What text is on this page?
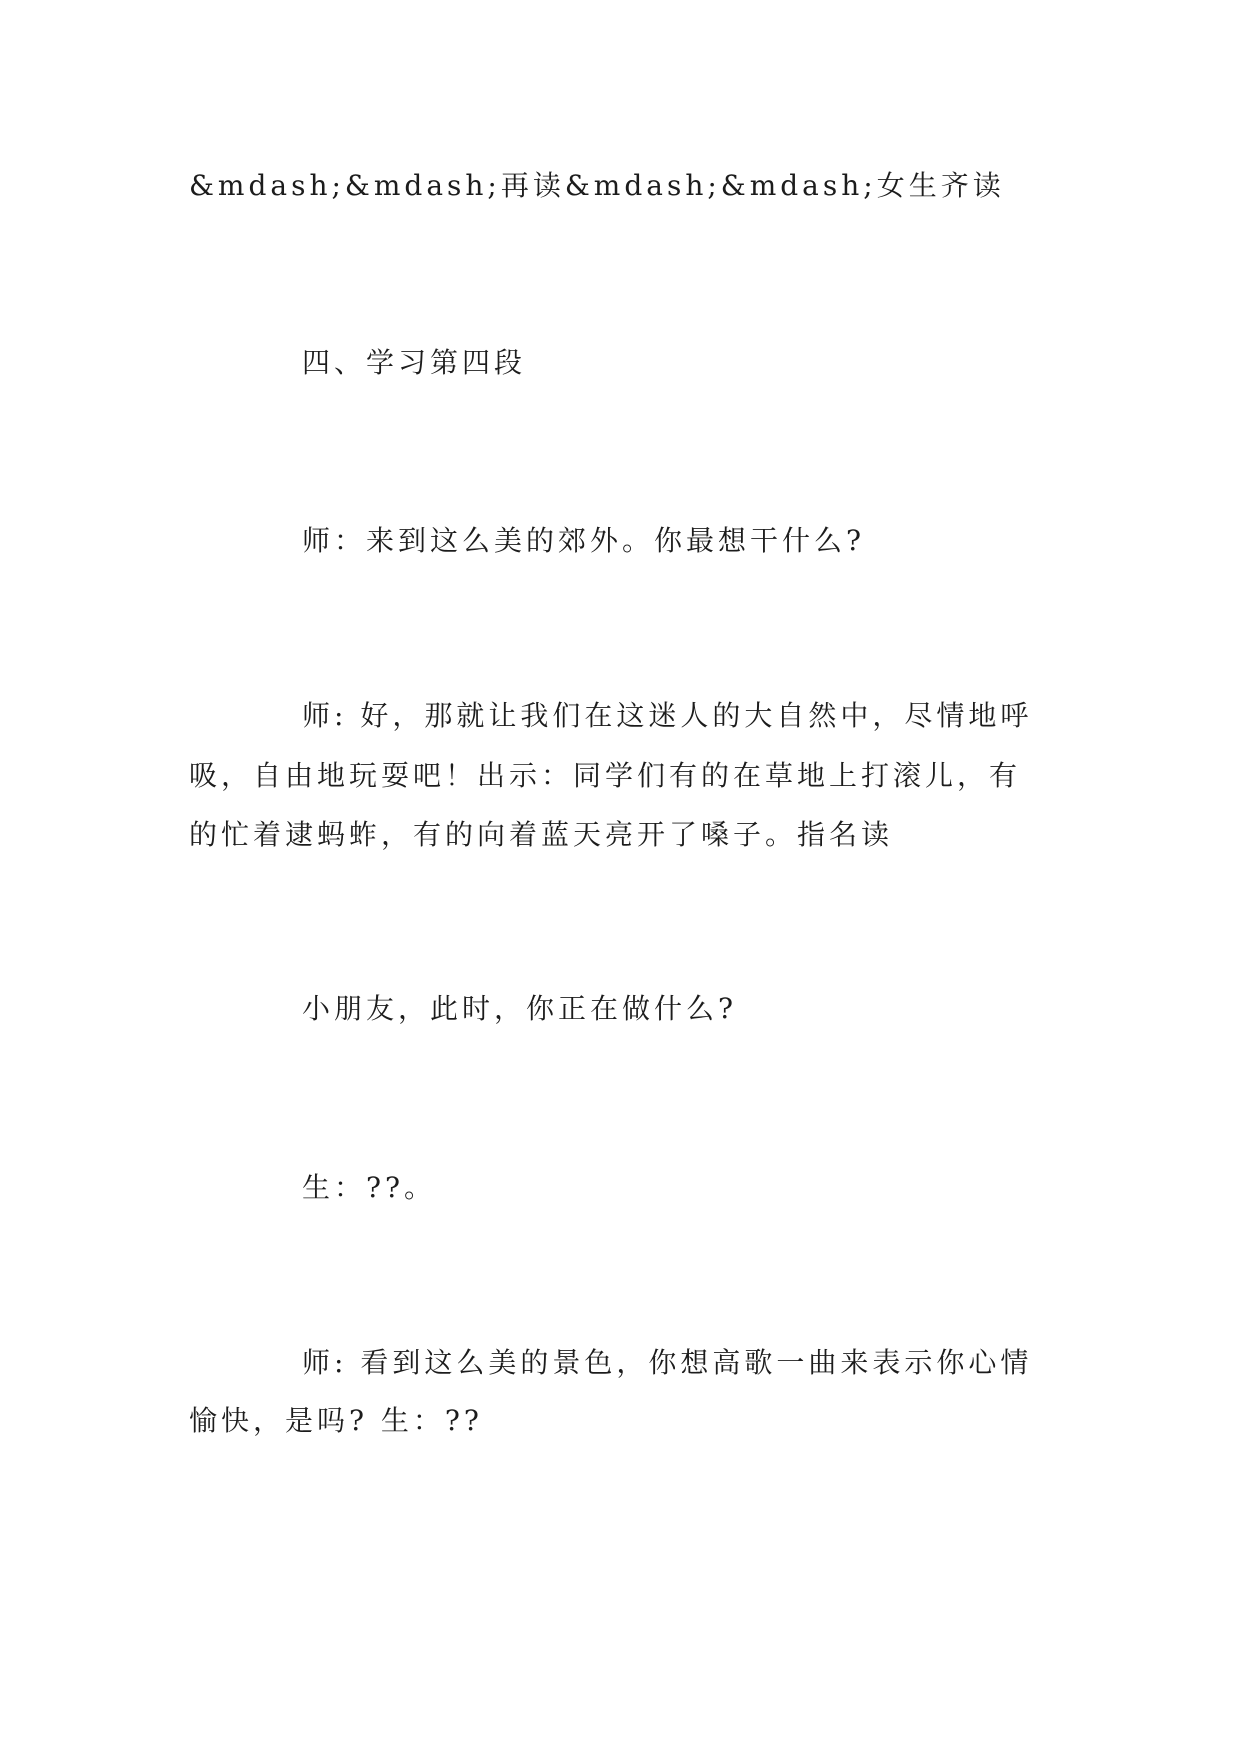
&mdash;&mdash;再读&mdash;&mdash;女生齐读
四、学习第四段
师：来到这么美的郊外。你最想干什么?
师: 好，那就让我们在这迷人的大自然中，尽情地呼
吸，自由地玩耍吧！出示：同学们有的在草地上打滚儿，有
的忙着逮蚂蚱，有的向着蓝天亮开了嗓子。指名读
小朋友，此时，你正在做什么?
生：??。
师: 看到这么美的景色，你想高歌一曲来表示你心情
愉快，是吗? 生：??
